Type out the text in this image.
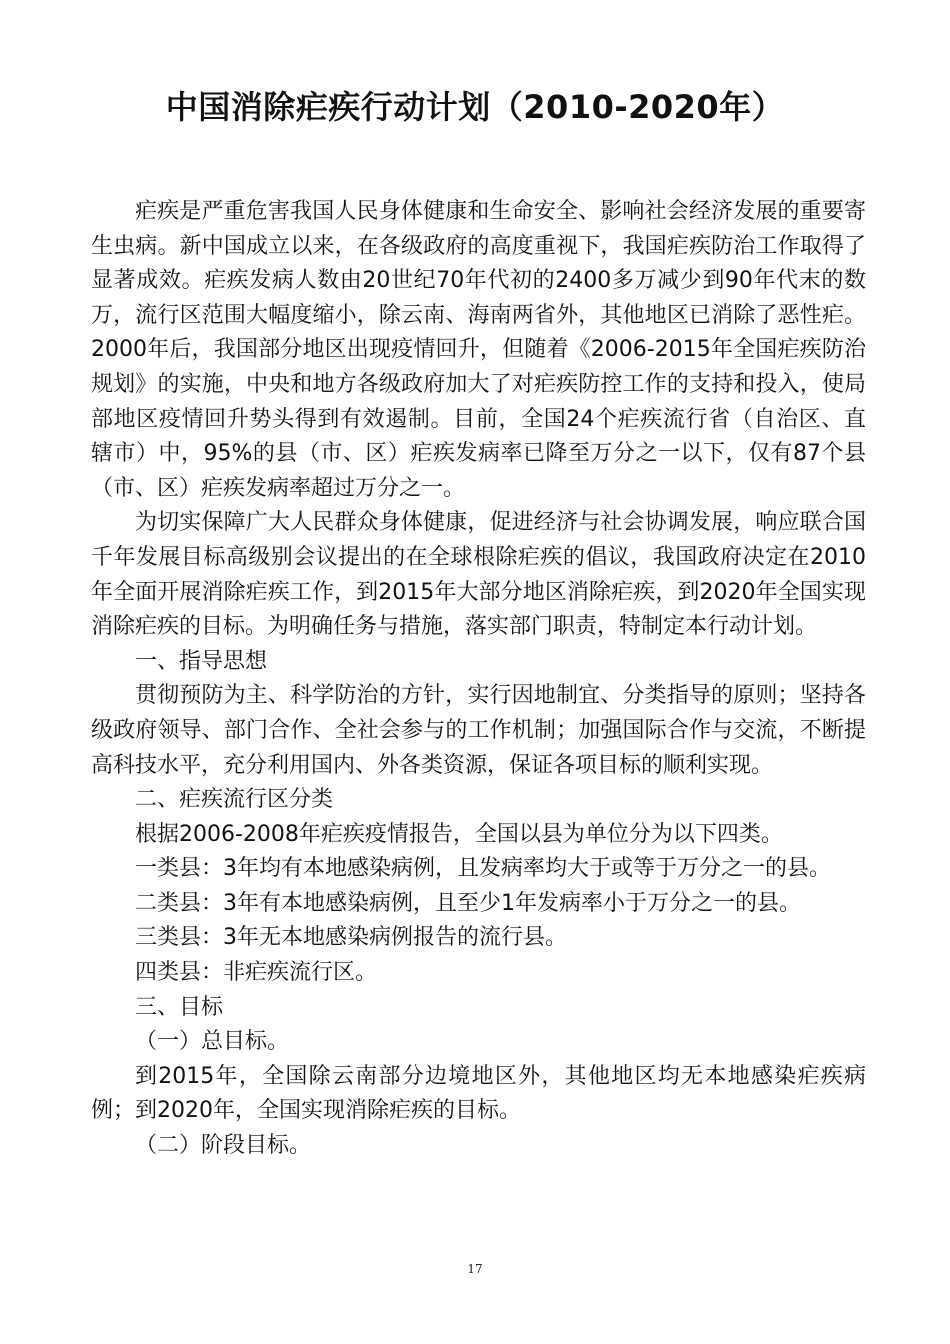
中国消除疟疾行动计划（2010-2020年）

疟疾是严重危害我国人民身体健康和生命安全、影响社会经济发展的重要寄生虫病。新中国成立以来，在各级政府的高度重视下，我国疟疾防治工作取得了显著成效。疟疾发病人数由20世纪70年代初的2400多万减少到90年代末的数万，流行区范围大幅度缩小，除云南、海南两省外，其他地区已消除了恶性疟。2000年后，我国部分地区出现疫情回升，但随着《2006-2015年全国疟疾防治规划》的实施，中央和地方各级政府加大了对疟疾防控工作的支持和投入，使局部地区疫情回升势头得到有效遏制。目前，全国24个疟疾流行省（自治区、直辖市）中，95%的县（市、区）疟疾发病率已降至万分之一以下，仅有87个县（市、区）疟疾发病率超过万分之一。

为切实保障广大人民群众身体健康，促进经济与社会协调发展，响应联合国千年发展目标高级别会议提出的在全球根除疟疾的倡议，我国政府决定在2010年全面开展消除疟疾工作，到2015年大部分地区消除疟疾，到2020年全国实现消除疟疾的目标。为明确任务与措施，落实部门职责，特制定本行动计划。

一、指导思想

贯彻预防为主、科学防治的方针，实行因地制宜、分类指导的原则；坚持各级政府领导、部门合作、全社会参与的工作机制；加强国际合作与交流，不断提高科技水平，充分利用国内、外各类资源，保证各项目标的顺利实现。

二、疟疾流行区分类

根据2006-2008年疟疾疫情报告，全国以县为单位分为以下四类。

一类县：3年均有本地感染病例，且发病率均大于或等于万分之一的县。

二类县：3年有本地感染病例，且至少1年发病率小于万分之一的县。

三类县：3年无本地感染病例报告的流行县。

四类县：非疟疾流行区。

三、目标

（一）总目标。

到2015年，全国除云南部分边境地区外，其他地区均无本地感染疟疾病例；到2020年，全国实现消除疟疾的目标。

（二）阶段目标。

17
